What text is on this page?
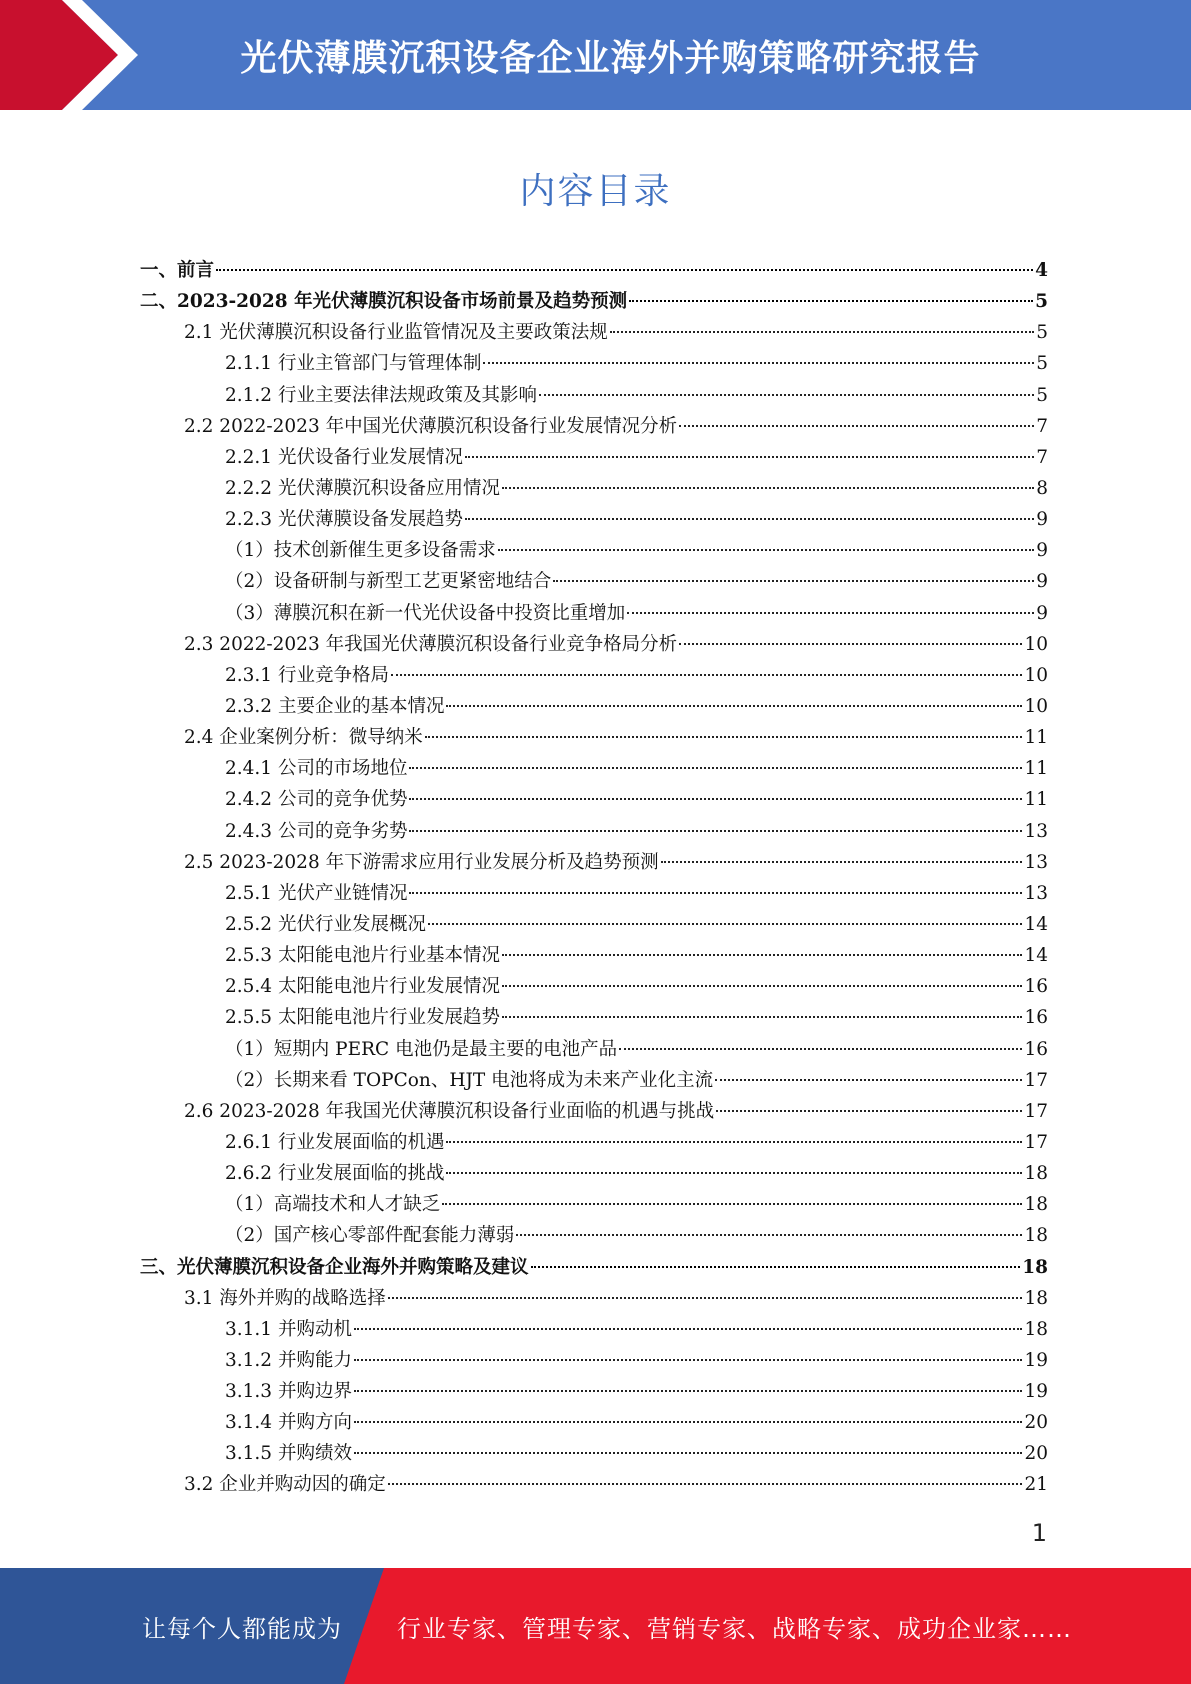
光伏薄膜沉积设备企业海外并购策略研究报告
内容目录
一、前言	4
二、2023-2028 年光伏薄膜沉积设备市场前景及趋势预测	5
2.1 光伏薄膜沉积设备行业监管情况及主要政策法规	5
2.1.1 行业主管部门与管理体制	5
2.1.2 行业主要法律法规政策及其影响	5
2.2 2022-2023 年中国光伏薄膜沉积设备行业发展情况分析	7
2.2.1 光伏设备行业发展情况	7
2.2.2 光伏薄膜沉积设备应用情况	8
2.2.3 光伏薄膜设备发展趋势	9
（1）技术创新催生更多设备需求	9
（2）设备研制与新型工艺更紧密地结合	9
（3）薄膜沉积在新一代光伏设备中投资比重增加	9
2.3 2022-2023 年我国光伏薄膜沉积设备行业竞争格局分析	10
2.3.1 行业竞争格局	10
2.3.2 主要企业的基本情况	10
2.4 企业案例分析：微导纳米	11
2.4.1 公司的市场地位	11
2.4.2 公司的竞争优势	11
2.4.3 公司的竞争劣势	13
2.5 2023-2028 年下游需求应用行业发展分析及趋势预测	13
2.5.1 光伏产业链情况	13
2.5.2 光伏行业发展概况	14
2.5.3 太阳能电池片行业基本情况	14
2.5.4 太阳能电池片行业发展情况	16
2.5.5 太阳能电池片行业发展趋势	16
（1）短期内 PERC 电池仍是最主要的电池产品	16
（2）长期来看 TOPCon、HJT 电池将成为未来产业化主流	17
2.6 2023-2028 年我国光伏薄膜沉积设备行业面临的机遇与挑战	17
2.6.1 行业发展面临的机遇	17
2.6.2 行业发展面临的挑战	18
（1）高端技术和人才缺乏	18
（2）国产核心零部件配套能力薄弱	18
三、光伏薄膜沉积设备企业海外并购策略及建议	18
3.1 海外并购的战略选择	18
3.1.1 并购动机	18
3.1.2 并购能力	19
3.1.3 并购边界	19
3.1.4 并购方向	20
3.1.5 并购绩效	20
3.2 企业并购动因的确定	21
1
让每个人都能成为 行业专家、管理专家、营销专家、战略专家、成功企业家……
